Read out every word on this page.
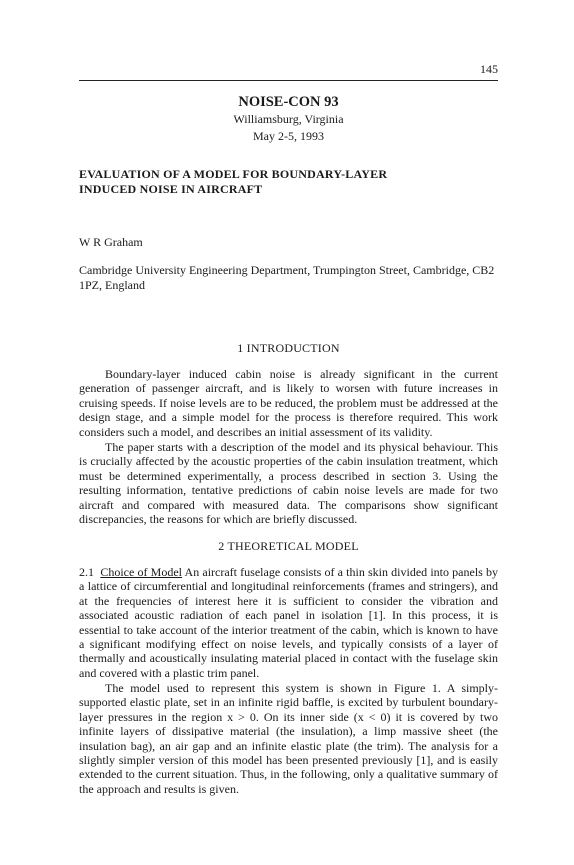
145
NOISE-CON 93
Williamsburg, Virginia
May 2-5, 1993
EVALUATION OF A MODEL FOR BOUNDARY-LAYER
INDUCED NOISE IN AIRCRAFT
W R Graham
Cambridge University Engineering Department, Trumpington Street, Cambridge, CB2 1PZ, England
1 INTRODUCTION

Boundary-layer induced cabin noise is already significant in the current generation of passenger aircraft, and is likely to worsen with future increases in cruising speeds. If noise levels are to be reduced, the problem must be addressed at the design stage, and a simple model for the process is therefore required. This work considers such a model, and describes an initial assessment of its validity.

The paper starts with a description of the model and its physical behaviour. This is crucially affected by the acoustic properties of the cabin insulation treatment, which must be determined experimentally, a process described in section 3. Using the resulting information, tentative predictions of cabin noise levels are made for two aircraft and compared with measured data. The comparisons show significant discrepancies, the reasons for which are briefly discussed.

2 THEORETICAL MODEL

2.1 Choice of Model An aircraft fuselage consists of a thin skin divided into panels by a lattice of circumferential and longitudinal reinforcements (frames and stringers), and at the frequencies of interest here it is sufficient to consider the vibration and associated acoustic radiation of each panel in isolation [1]. In this process, it is essential to take account of the interior treatment of the cabin, which is known to have a significant modifying effect on noise levels, and typically consists of a layer of thermally and acoustically insulating material placed in contact with the fuselage skin and covered with a plastic trim panel.

The model used to represent this system is shown in Figure 1. A simply-supported elastic plate, set in an infinite rigid baffle, is excited by turbulent boundary-layer pressures in the region x > 0. On its inner side (x < 0) it is covered by two infinite layers of dissipative material (the insulation), a limp massive sheet (the insulation bag), an air gap and an infinite elastic plate (the trim). The analysis for a slightly simpler version of this model has been presented previously [1], and is easily extended to the current situation. Thus, in the following, only a qualitative summary of the approach and results is given.
